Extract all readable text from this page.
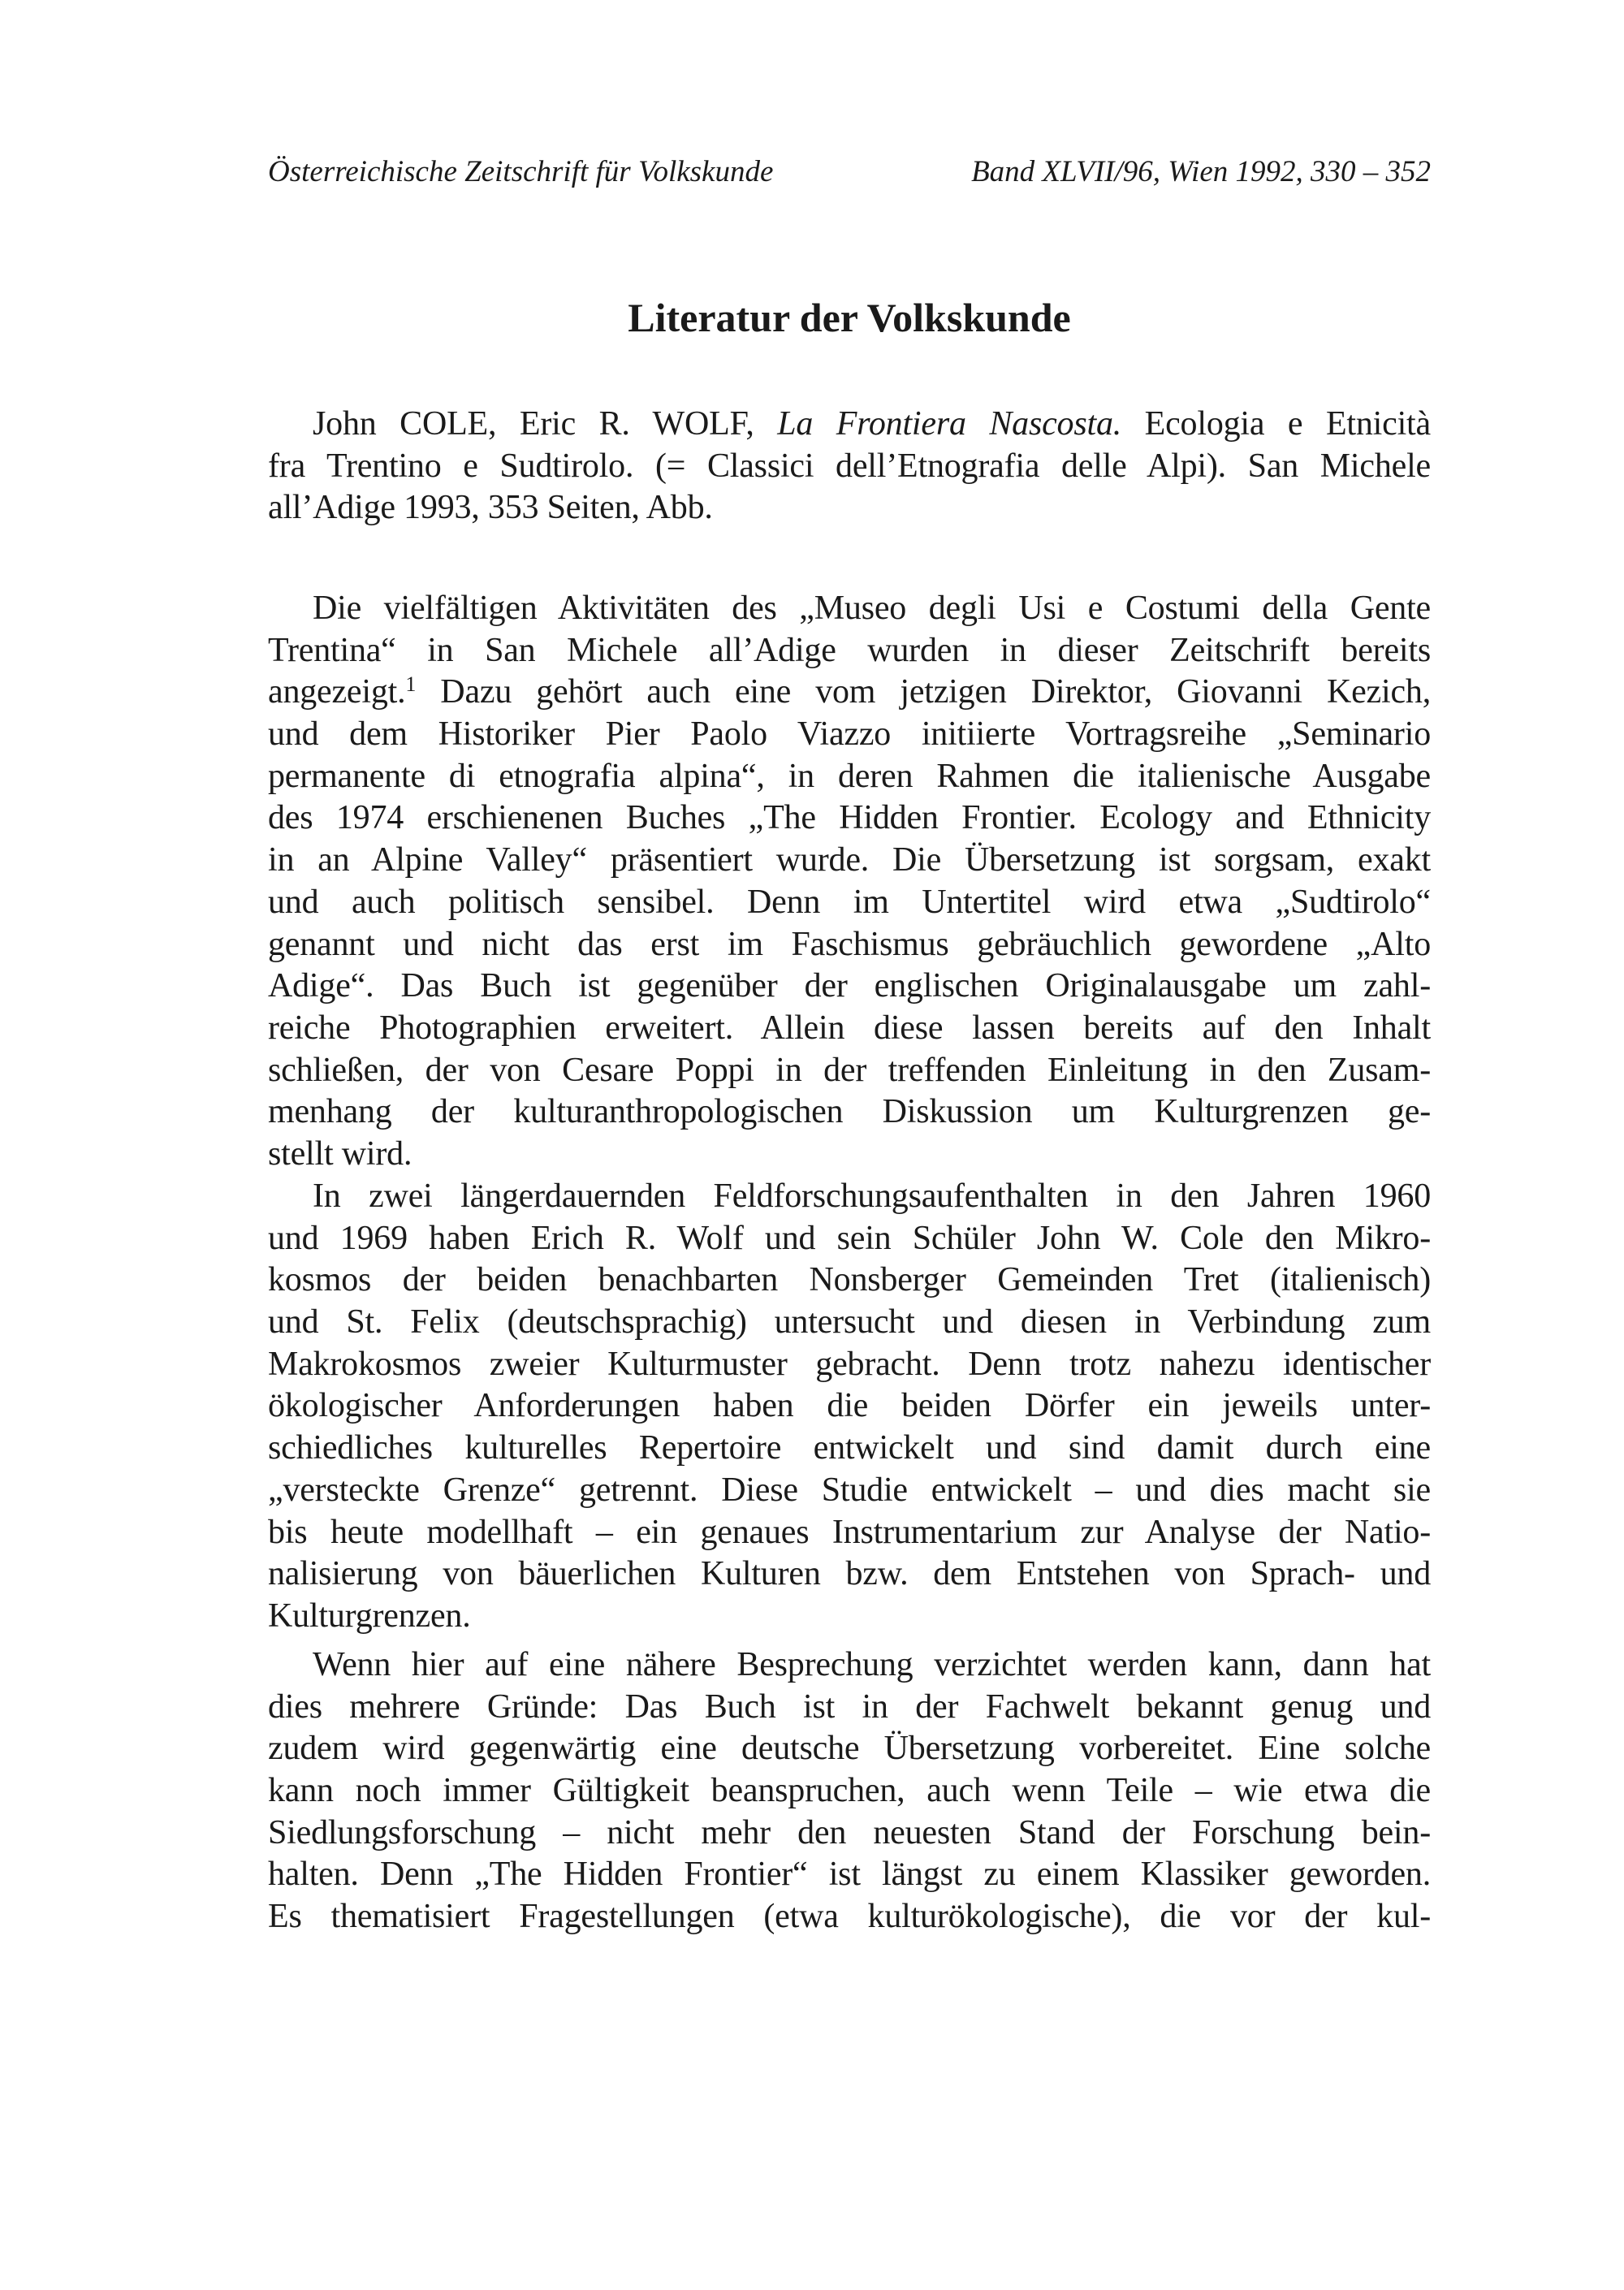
Österreichische Zeitschrift für Volkskunde	Band XLVII/96, Wien 1992, 330 – 352
Literatur der Volkskunde
John COLE, Eric R. WOLF, La Frontiera Nascosta. Ecologia e Etnicità
fra Trentino e Sudtirolo. (= Classici dell’Etnografia delle Alpi). San Michele
all’Adige 1993, 353 Seiten, Abb.
Die vielfältigen Aktivitäten des „Museo degli Usi e Costumi della Gente
Trentina“ in San Michele all’Adige wurden in dieser Zeitschrift bereits
angezeigt.$^1$ Dazu gehört auch eine vom jetzigen Direktor, Giovanni Kezich,
und dem Historiker Pier Paolo Viazzo initiierte Vortragsreihe „Seminario
permanente di etnografia alpina“, in deren Rahmen die italienische Ausgabe
des 1974 erschienenen Buches „The Hidden Frontier. Ecology and Ethnicity
in an Alpine Valley“ präsentiert wurde. Die Übersetzung ist sorgsam, exakt
und auch politisch sensibel. Denn im Untertitel wird etwa „Sudtirolo“
genannt und nicht das erst im Faschismus gebräuchlich gewordene „Alto
Adige“. Das Buch ist gegenüber der englischen Originalausgabe um zahl-
reiche Photographien erweitert. Allein diese lassen bereits auf den Inhalt
schließen, der von Cesare Poppi in der treffenden Einleitung in den Zusam-
menhang der kulturanthropologischen Diskussion um Kulturgrenzen ge-
stellt wird.
In zwei längerdauernden Feldforschungsaufenthalten in den Jahren 1960
und 1969 haben Erich R. Wolf und sein Schüler John W. Cole den Mikro-
kosmos der beiden benachbarten Nonsberger Gemeinden Tret (italienisch)
und St. Felix (deutschsprachig) untersucht und diesen in Verbindung zum
Makrokosmos zweier Kulturmuster gebracht. Denn trotz nahezu identischer
ökologischer Anforderungen haben die beiden Dörfer ein jeweils unter-
schiedliches kulturelles Repertoire entwickelt und sind damit durch eine
„versteckte Grenze“ getrennt. Diese Studie entwickelt – und dies macht sie
bis heute modellhaft – ein genaues Instrumentarium zur Analyse der Natio-
nalisierung von bäuerlichen Kulturen bzw. dem Entstehen von Sprach- und
Kulturgrenzen.
Wenn hier auf eine nähere Besprechung verzichtet werden kann, dann hat
dies mehrere Gründe: Das Buch ist in der Fachwelt bekannt genug und
zudem wird gegenwärtig eine deutsche Übersetzung vorbereitet. Eine solche
kann noch immer Gültigkeit beanspruchen, auch wenn Teile – wie etwa die
Siedlungsforschung – nicht mehr den neuesten Stand der Forschung bein-
halten. Denn „The Hidden Frontier“ ist längst zu einem Klassiker geworden.
Es thematisiert Fragestellungen (etwa kulturökologische), die vor der kul-
